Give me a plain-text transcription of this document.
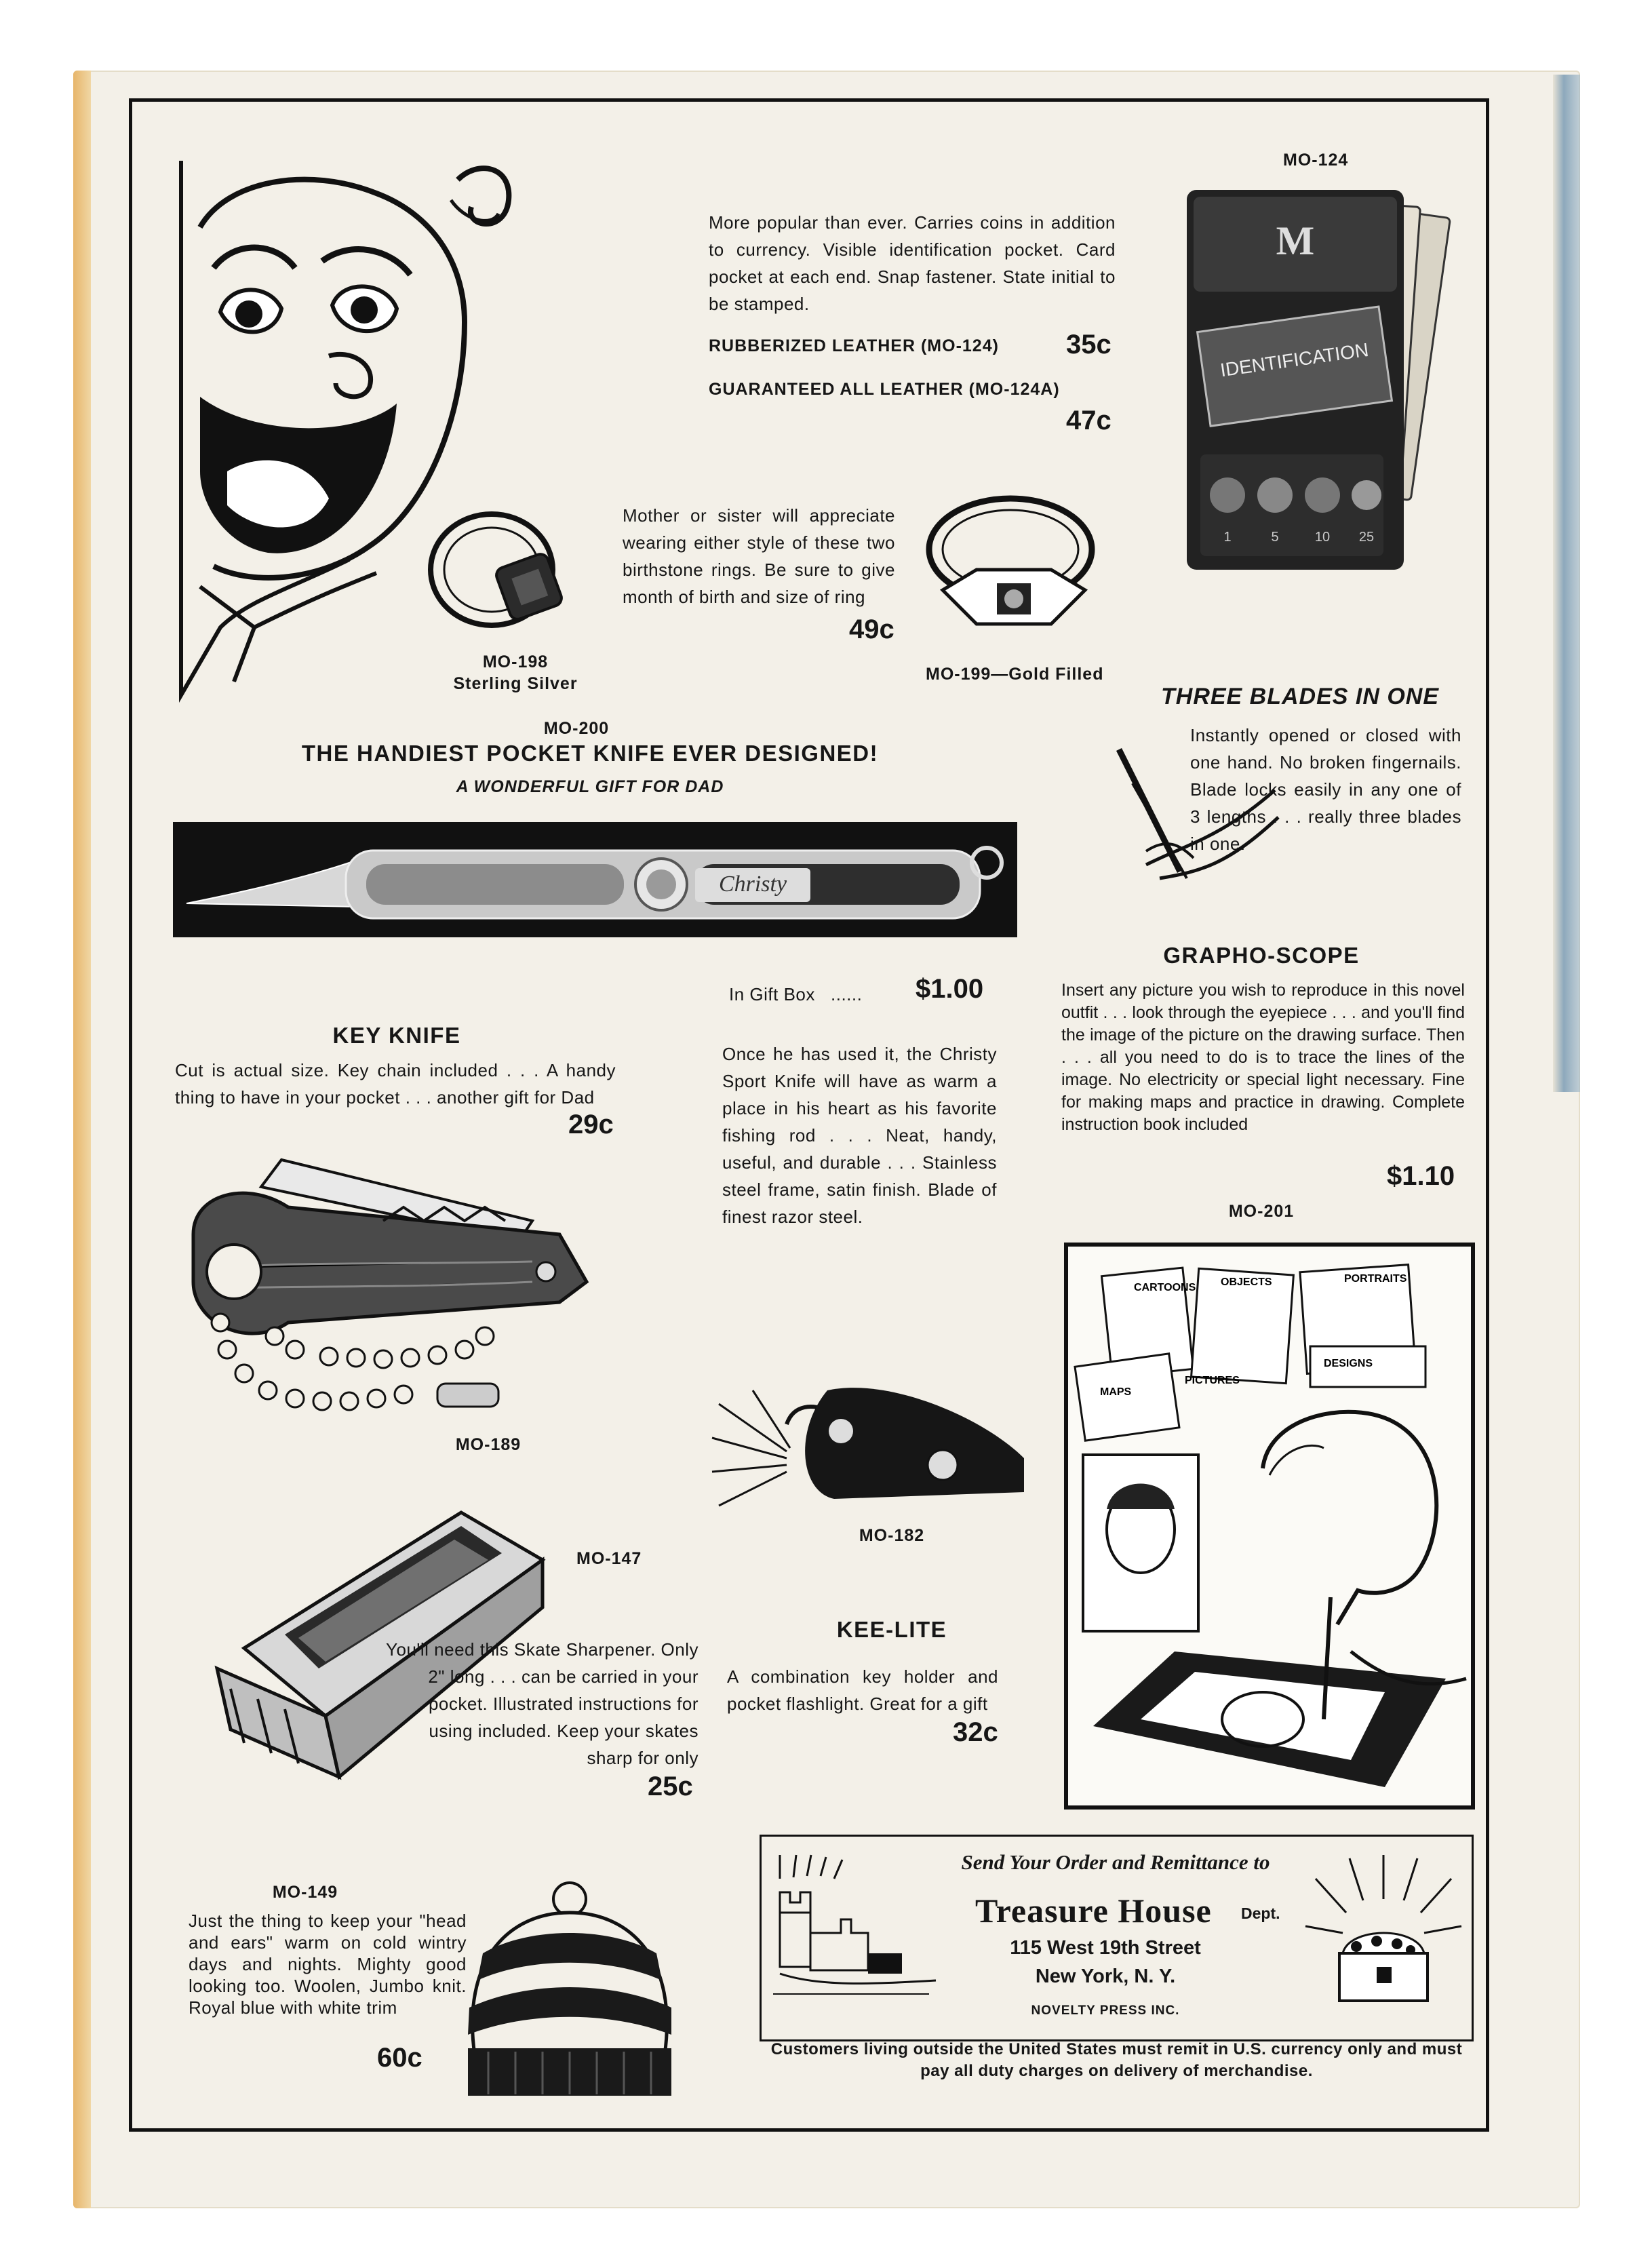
More popular than ever. Carries coins in addition to currency. Visible identification pocket. Card pocket at each end. Snap fastener. State initial to be stamped.
RUBBERIZED LEATHER (MO-124) 35c
GUARANTEED ALL LEATHER (MO-124A)
47c
MO-124
M
IDENTIFICATION
1	5	10 25
MO-198
Sterling Silver
Mother or sister will appreciate wearing either style of these two birthstone rings. Be sure to give month of birth and size of ring
49c
MO-199—Gold Filled
MO-200
THE HANDIEST POCKET KNIFE EVER DESIGNED!
A WONDERFUL GIFT FOR DAD
Christy
In Gift Box ...... $1.00
Once he has used it, the Christy Sport Knife will have as warm a place in his heart as his favorite fishing rod . . . Neat, handy, useful, and durable . . . Stainless steel frame, satin finish. Blade of finest razor steel.
THREE BLADES IN ONE
Instantly opened or closed with one hand. No broken fingernails. Blade locks easily in any one of 3 lengths . . . really three blades in one.
GRAPHO-SCOPE
Insert any picture you wish to reproduce in this novel outfit . . . look through the eyepiece . . . and you'll find the image of the picture on the drawing surface. Then . . . all you need to do is to trace the lines of the image. No electricity or special light necessary. Fine for making maps and practice in drawing. Complete instruction book included
$1.10
MO-201
CARTOONS OBJECTS	PORTRAITS
MAPS
PICTURES
DESIGNS
KEY KNIFE
Cut is actual size. Key chain included . . . A handy thing to have in your pocket . . . another gift for Dad
29c
MO-189
MO-147
You'll need this Skate Sharpener. Only 2" long . . . can be carried in your pocket. Illustrated instructions for using included. Keep your skates sharp for only
25c
MO-182
KEE-LITE
A combination key holder and pocket flashlight. Great for a gift
32c
MO-149
Just the thing to keep your "head and ears" warm on cold wintry days and nights. Mighty good looking too. Woolen, Jumbo knit. Royal blue with white trim
60c
Send Your Order and Remittance to
Treasure House Dept.
115 West 19th Street
New York, N. Y.
NOVELTY PRESS INC.
Customers living outside the United States must remit in U.S. currency only and must pay all duty charges on delivery of merchandise.
